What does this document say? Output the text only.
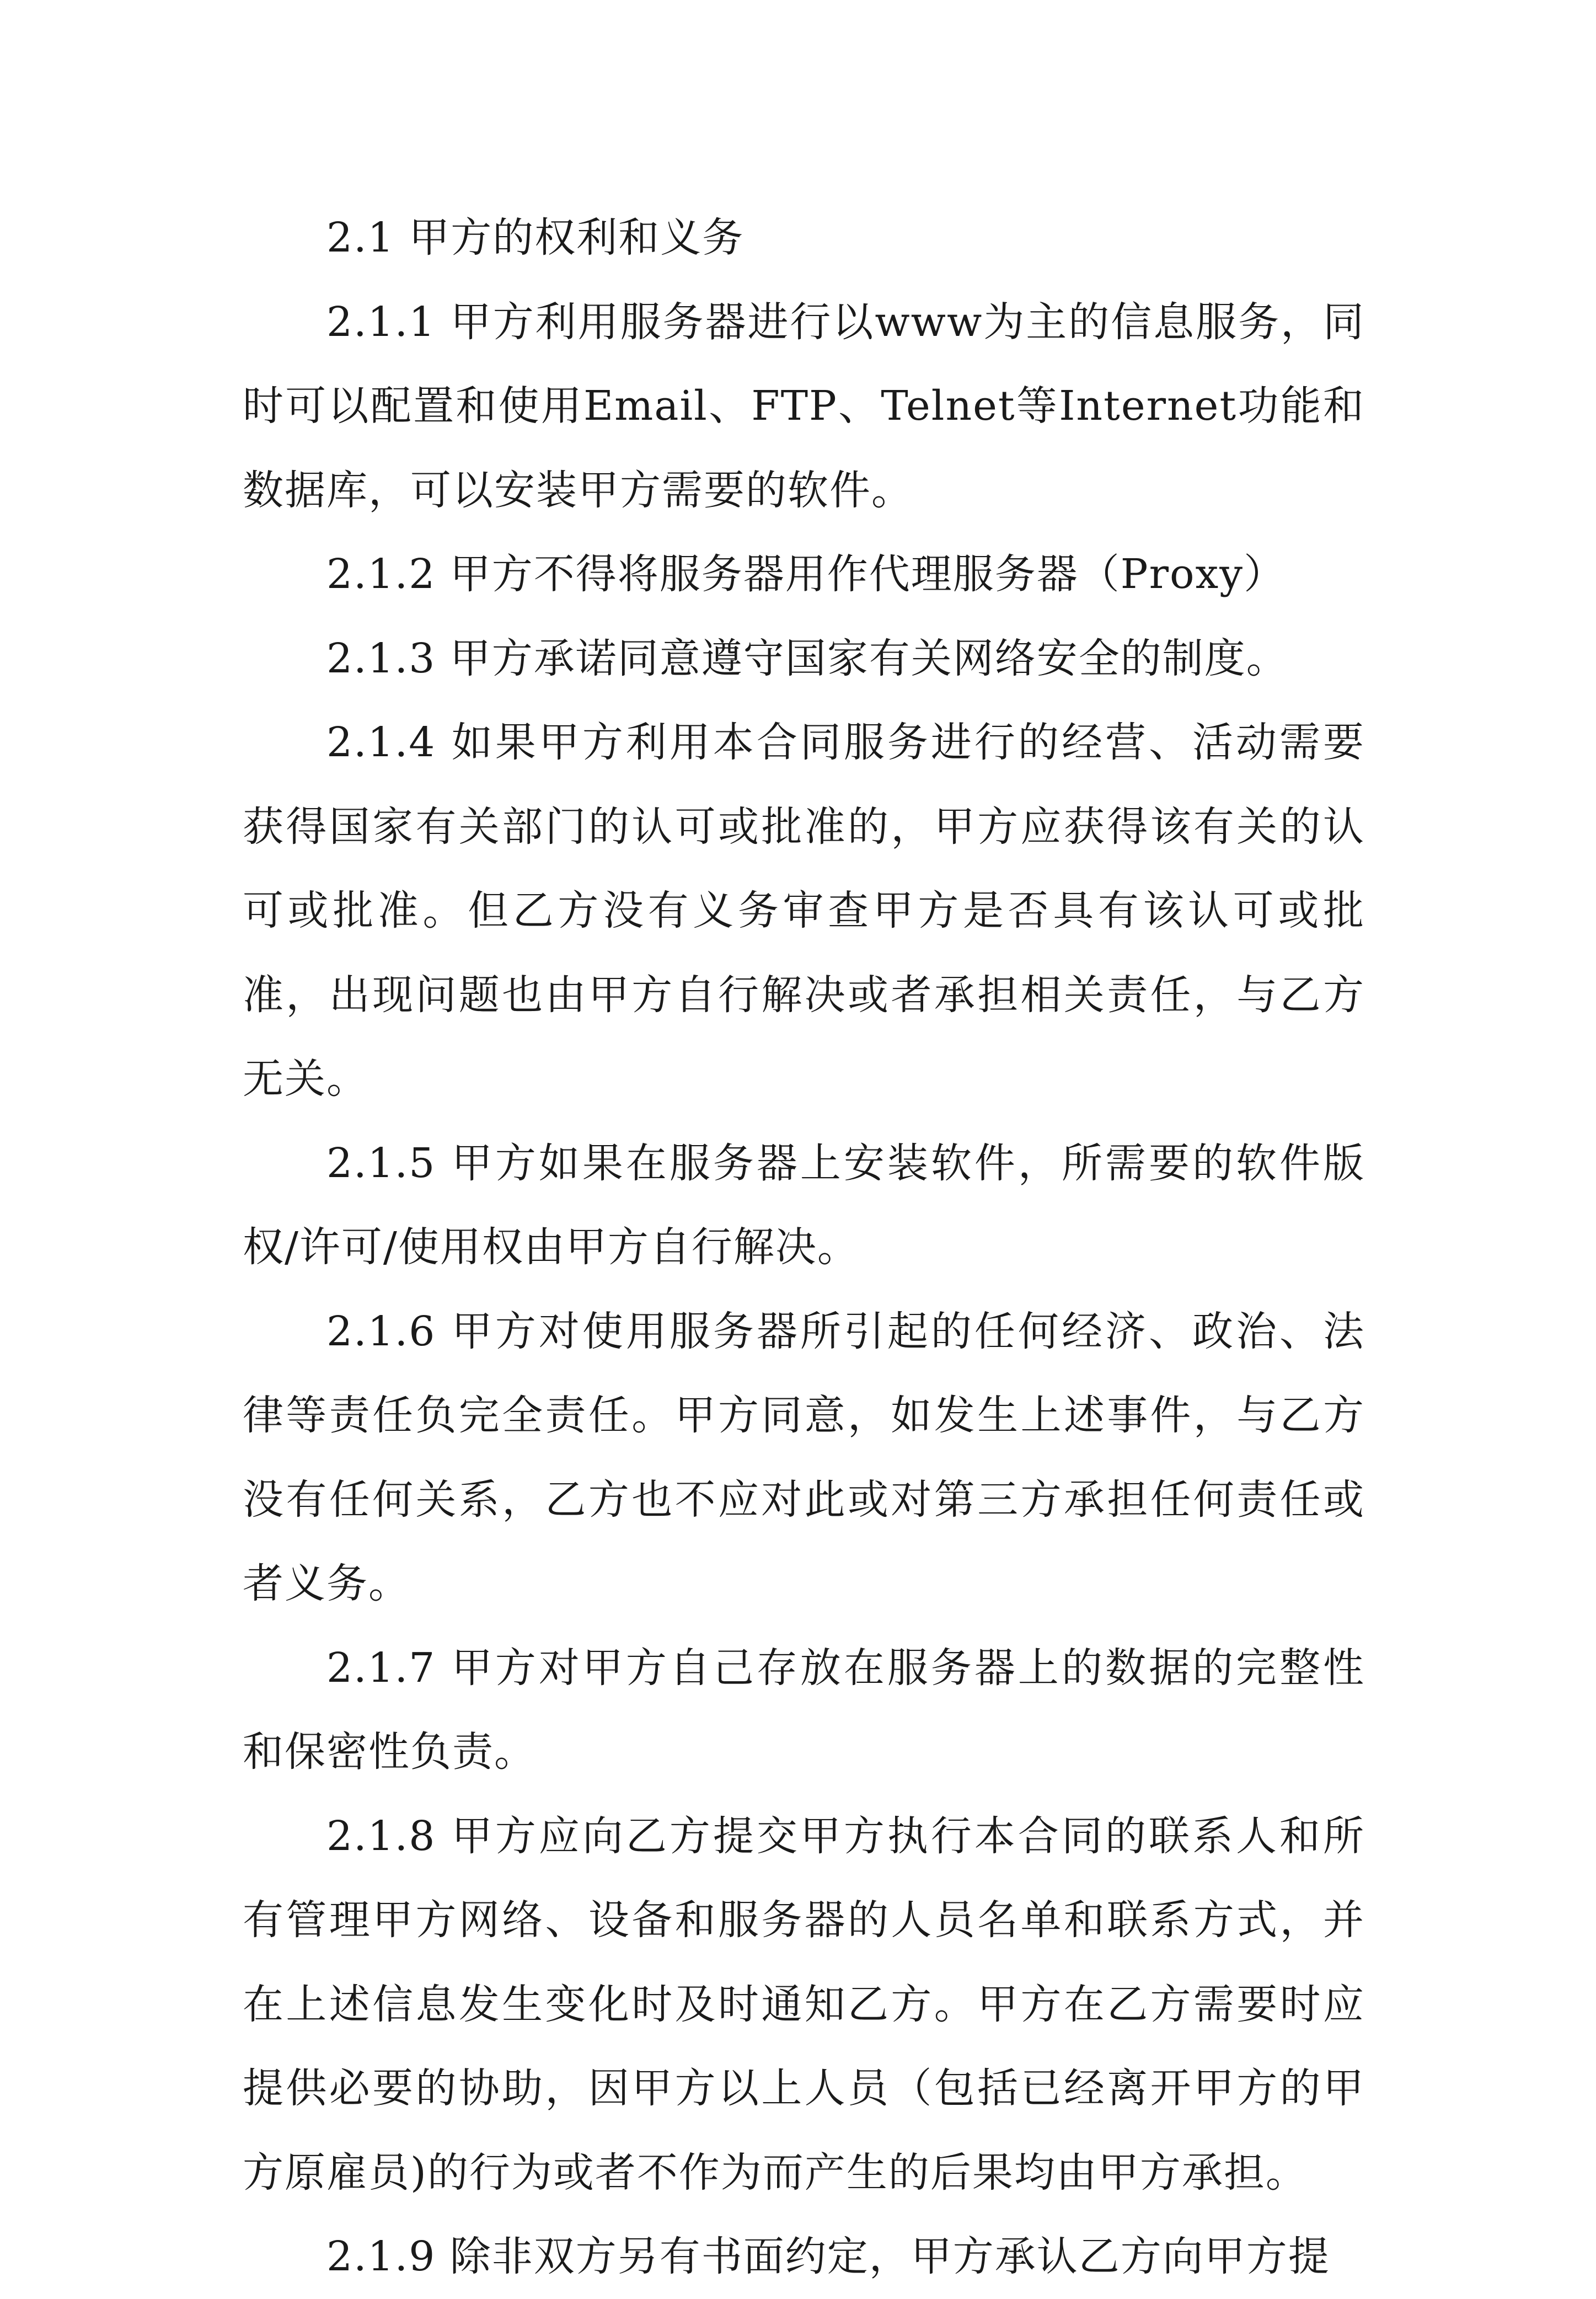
2.1 甲方的权利和义务

2.1.1 甲方利用服务器进行以www为主的信息服务，同时可以配置和使用Email、FTP、Telnet等Internet功能和数据库，可以安装甲方需要的软件。

2.1.2 甲方不得将服务器用作代理服务器（Proxy）

2.1.3 甲方承诺同意遵守国家有关网络安全的制度。

2.1.4 如果甲方利用本合同服务进行的经营、活动需要获得国家有关部门的认可或批准的，甲方应获得该有关的认可或批准。但乙方没有义务审查甲方是否具有该认可或批准，出现问题也由甲方自行解决或者承担相关责任，与乙方无关。

2.1.5 甲方如果在服务器上安装软件，所需要的软件版权/许可/使用权由甲方自行解决。

2.1.6 甲方对使用服务器所引起的任何经济、政治、法律等责任负完全责任。甲方同意，如发生上述事件，与乙方没有任何关系，乙方也不应对此或对第三方承担任何责任或者义务。

2.1.7 甲方对甲方自己存放在服务器上的数据的完整性和保密性负责。

2.1.8 甲方应向乙方提交甲方执行本合同的联系人和所有管理甲方网络、设备和服务器的人员名单和联系方式，并在上述信息发生变化时及时通知乙方。甲方在乙方需要时应提供必要的协助，因甲方以上人员（包括已经离开甲方的甲方原雇员)的行为或者不作为而产生的后果均由甲方承担。

2.1.9 除非双方另有书面约定，甲方承认乙方向甲方提
